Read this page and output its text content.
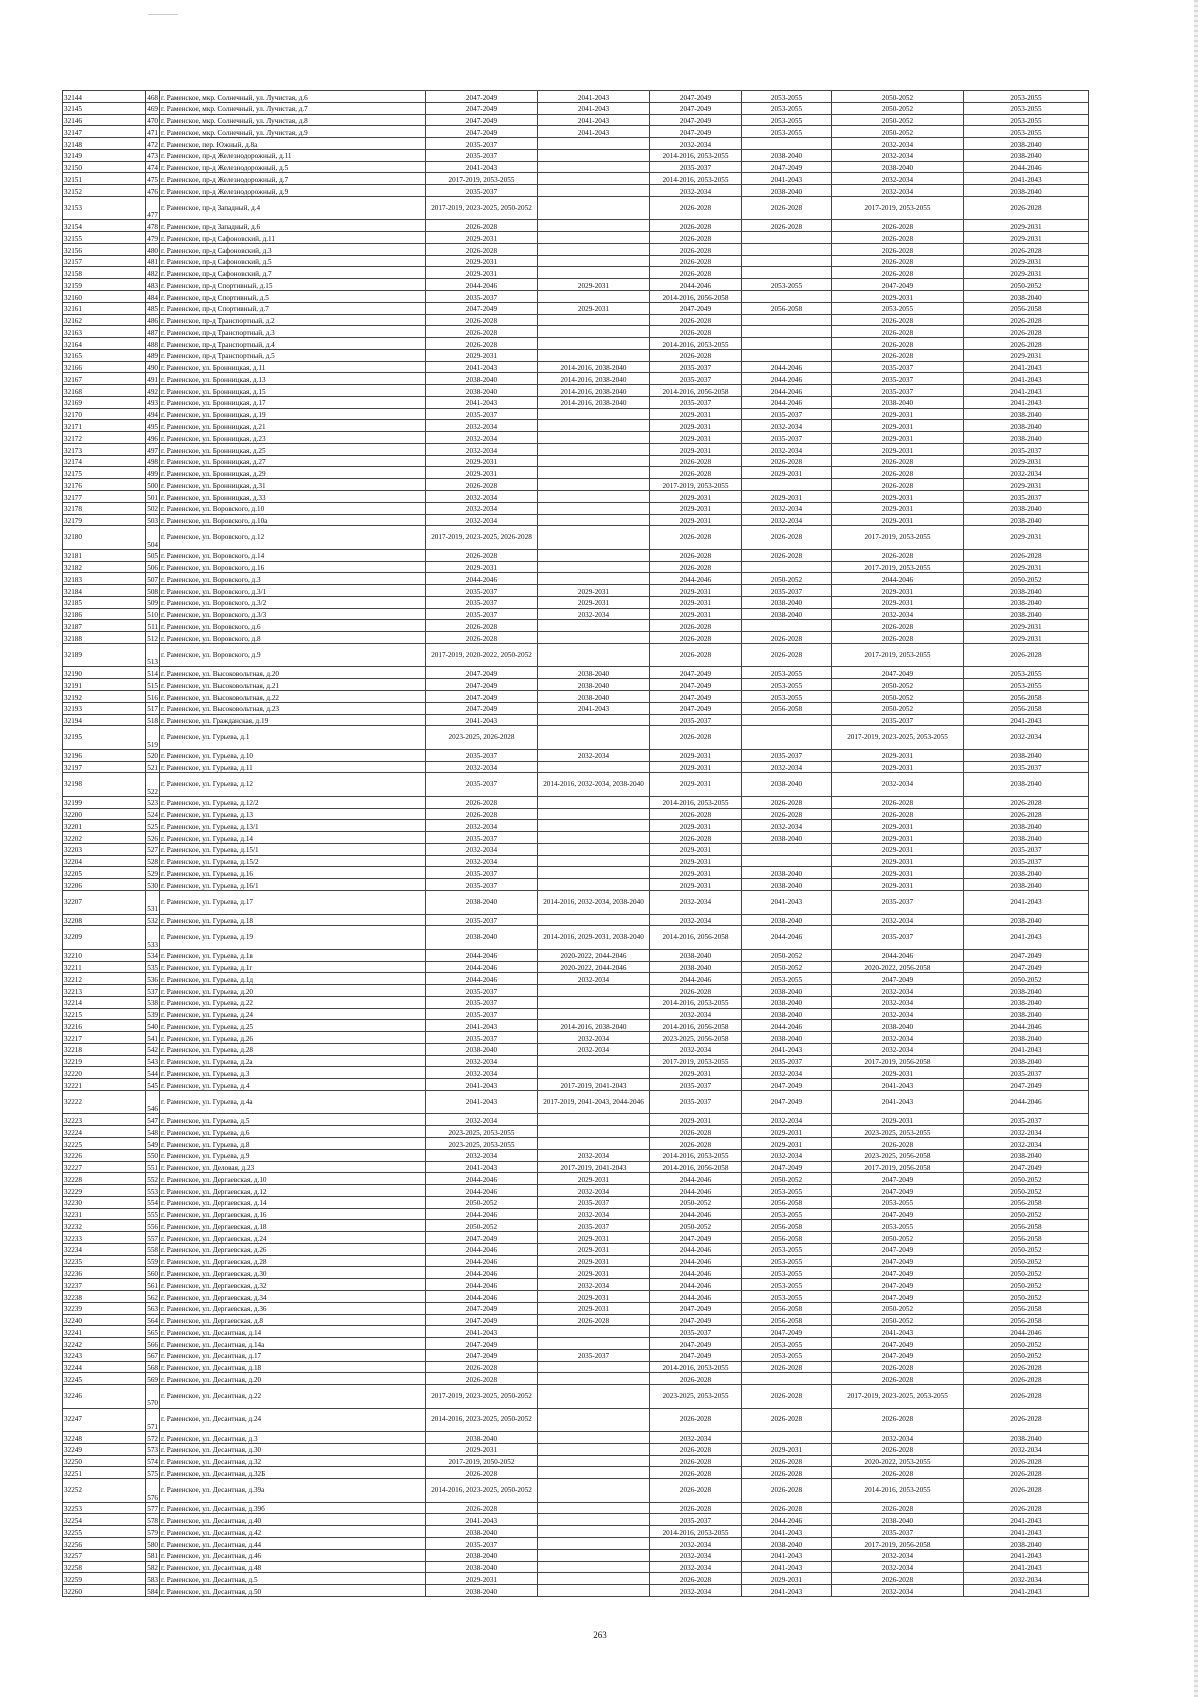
32144	468	г. Раменское, мкр. Солнечный, ул. Лучистая, д.6	2047-2049	2041-2043	2047-2049	2053-2055	2050-2052	2053-2055
32145	469	г. Раменское, мкр. Солнечный, ул. Лучистая, д.7	2047-2049	2041-2043	2047-2049	2053-2055	2050-2052	2053-2055
32146	470	г. Раменское, мкр. Солнечный, ул. Лучистая, д.8	2047-2049	2041-2043	2047-2049	2053-2055	2050-2052	2053-2055
32147	471	г. Раменское, мкр. Солнечный, ул. Лучистая, д.9	2047-2049	2041-2043	2047-2049	2053-2055	2050-2052	2053-2055
32148	472	г. Раменское, пер. Южный, д.8а	2035-2037		2032-2034		2032-2034	2038-2040
32149	473	г. Раменское, пр-д Железнодорожный, д.11	2035-2037		2014-2016, 2053-2055	2038-2040	2032-2034	2038-2040
32150	474	г. Раменское, пр-д Железнодорожный, д.5	2041-2043		2035-2037	2047-2049	2038-2040	2044-2046
32151	475	г. Раменское, пр-д Железнодорожный, д.7	2017-2019, 2053-2055		2014-2016, 2053-2055	2041-2043	2032-2034	2041-2043
32152	476	г. Раменское, пр-д Железнодорожный, д.9	2035-2037		2032-2034	2038-2040	2032-2034	2038-2040
32153	477	г. Раменское, пр-д Западный, д.4	2017-2019, 2023-2025, 2050-2052		2026-2028	2026-2028	2017-2019, 2053-2055	2026-2028
32154	478	г. Раменское, пр-д Западный, д.6	2026-2028		2026-2028	2026-2028	2026-2028	2029-2031
32155	479	г. Раменское, пр-д Сафоновский, д.11	2029-2031		2026-2028		2026-2028	2029-2031
32156	480	г. Раменское, пр-д Сафоновский, д.3	2026-2028		2026-2028		2026-2028	2026-2028
32157	481	г. Раменское, пр-д Сафоновский, д.5	2029-2031		2026-2028		2026-2028	2029-2031
32158	482	г. Раменское, пр-д Сафоновский, д.7	2029-2031		2026-2028		2026-2028	2029-2031
32159	483	г. Раменское, пр-д Спортивный, д.15	2044-2046	2029-2031	2044-2046	2053-2055	2047-2049	2050-2052
32160	484	г. Раменское, пр-д Спортивный, д.5	2035-2037		2014-2016, 2056-2058		2029-2031	2038-2040
32161	485	г. Раменское, пр-д Спортивный, д.7	2047-2049	2029-2031	2047-2049	2056-2058	2053-2055	2056-2058
32162	486	г. Раменское, пр-д Транспортный, д.2	2026-2028		2026-2028		2026-2028	2026-2028
32163	487	г. Раменское, пр-д Транспортный, д.3	2026-2028		2026-2028		2026-2028	2026-2028
32164	488	г. Раменское, пр-д Транспортный, д.4	2026-2028		2014-2016, 2053-2055		2026-2028	2026-2028
32165	489	г. Раменское, пр-д Транспортный, д.5	2029-2031		2026-2028		2026-2028	2029-2031
32166	490	г. Раменское, ул. Бронницкая, д.11	2041-2043	2014-2016, 2038-2040	2035-2037	2044-2046	2035-2037	2041-2043
32167	491	г. Раменское, ул. Бронницкая, д.13	2038-2040	2014-2016, 2038-2040	2035-2037	2044-2046	2035-2037	2041-2043
32168	492	г. Раменское, ул. Бронницкая, д.15	2038-2040	2014-2016, 2038-2040	2014-2016, 2056-2058	2044-2046	2035-2037	2041-2043
32169	493	г. Раменское, ул. Бронницкая, д.17	2041-2043	2014-2016, 2038-2040	2035-2037	2044-2046	2038-2040	2041-2043
32170	494	г. Раменское, ул. Бронницкая, д.19	2035-2037		2029-2031	2035-2037	2029-2031	2038-2040
32171	495	г. Раменское, ул. Бронницкая, д.21	2032-2034		2029-2031	2032-2034	2029-2031	2038-2040
32172	496	г. Раменское, ул. Бронницкая, д.23	2032-2034		2029-2031	2035-2037	2029-2031	2038-2040
32173	497	г. Раменское, ул. Бронницкая, д.25	2032-2034		2029-2031	2032-2034	2029-2031	2035-2037
32174	498	г. Раменское, ул. Бронницкая, д.27	2029-2031		2026-2028	2026-2028	2026-2028	2029-2031
32175	499	г. Раменское, ул. Бронницкая, д.29	2029-2031		2026-2028	2029-2031	2026-2028	2032-2034
32176	500	г. Раменское, ул. Бронницкая, д.31	2026-2028		2017-2019, 2053-2055		2026-2028	2029-2031
32177	501	г. Раменское, ул. Бронницкая, д.33	2032-2034		2029-2031	2029-2031	2029-2031	2035-2037
32178	502	г. Раменское, ул. Воровского, д.10	2032-2034		2029-2031	2032-2034	2029-2031	2038-2040
32179	503	г. Раменское, ул. Воровского, д.10а	2032-2034		2029-2031	2032-2034	2029-2031	2038-2040
32180	504	г. Раменское, ул. Воровского, д.12	2017-2019, 2023-2025, 2026-2028		2026-2028	2026-2028	2017-2019, 2053-2055	2029-2031
32181	505	г. Раменское, ул. Воровского, д.14	2026-2028		2026-2028	2026-2028	2026-2028	2026-2028
32182	506	г. Раменское, ул. Воровского, д.16	2029-2031		2026-2028		2017-2019, 2053-2055	2029-2031
32183	507	г. Раменское, ул. Воровского, д.3	2044-2046		2044-2046	2050-2052	2044-2046	2050-2052
32184	508	г. Раменское, ул. Воровского, д.3/1	2035-2037	2029-2031	2029-2031	2035-2037	2029-2031	2038-2040
32185	509	г. Раменское, ул. Воровского, д.3/2	2035-2037	2029-2031	2029-2031	2038-2040	2029-2031	2038-2040
32186	510	г. Раменское, ул. Воровского, д.3/3	2035-2037	2032-2034	2029-2031	2038-2040	2032-2034	2038-2040
32187	511	г. Раменское, ул. Воровского, д.6	2026-2028		2026-2028		2026-2028	2029-2031
32188	512	г. Раменское, ул. Воровского, д.8	2026-2028		2026-2028	2026-2028	2026-2028	2029-2031
32189	513	г. Раменское, ул. Воровского, д.9	2017-2019, 2020-2022, 2050-2052		2026-2028	2026-2028	2017-2019, 2053-2055	2026-2028
32190	514	г. Раменское, ул. Высоковольтная, д.20	2047-2049	2038-2040	2047-2049	2053-2055	2047-2049	2053-2055
32191	515	г. Раменское, ул. Высоковольтная, д.21	2047-2049	2038-2040	2047-2049	2053-2055	2050-2052	2053-2055
32192	516	г. Раменское, ул. Высоковольтная, д.22	2047-2049	2038-2040	2047-2049	2053-2055	2050-2052	2056-2058
32193	517	г. Раменское, ул. Высоковольтная, д.23	2047-2049	2041-2043	2047-2049	2056-2058	2050-2052	2056-2058
32194	518	г. Раменское, ул. Гражданская, д.19	2041-2043		2035-2037		2035-2037	2041-2043
32195	519	г. Раменское, ул. Гурьева, д.1	2023-2025, 2026-2028		2026-2028		2017-2019, 2023-2025, 2053-2055	2032-2034
32196	520	г. Раменское, ул. Гурьева, д.10	2035-2037	2032-2034	2029-2031	2035-2037	2029-2031	2038-2040
32197	521	г. Раменское, ул. Гурьева, д.11	2032-2034		2029-2031	2032-2034	2029-2031	2035-2037
32198	522	г. Раменское, ул. Гурьева, д.12	2035-2037	2014-2016, 2032-2034, 2038-2040	2029-2031	2038-2040	2032-2034	2038-2040
32199	523	г. Раменское, ул. Гурьева, д.12/2	2026-2028		2014-2016, 2053-2055	2026-2028	2026-2028	2026-2028
32200	524	г. Раменское, ул. Гурьева, д.13	2026-2028		2026-2028	2026-2028	2026-2028	2026-2028
32201	525	г. Раменское, ул. Гурьева, д.13/1	2032-2034		2029-2031	2032-2034	2029-2031	2038-2040
32202	526	г. Раменское, ул. Гурьева, д.14	2035-2037		2026-2028	2038-2040	2029-2031	2038-2040
32203	527	г. Раменское, ул. Гурьева, д.15/1	2032-2034		2029-2031		2029-2031	2035-2037
32204	528	г. Раменское, ул. Гурьева, д.15/2	2032-2034		2029-2031		2029-2031	2035-2037
32205	529	г. Раменское, ул. Гурьева, д.16	2035-2037		2029-2031	2038-2040	2029-2031	2038-2040
32206	530	г. Раменское, ул. Гурьева, д.16/1	2035-2037		2029-2031	2038-2040	2029-2031	2038-2040
32207	531	г. Раменское, ул. Гурьева, д.17	2038-2040	2014-2016, 2032-2034, 2038-2040	2032-2034	2041-2043	2035-2037	2041-2043
32208	532	г. Раменское, ул. Гурьева, д.18	2035-2037		2032-2034	2038-2040	2032-2034	2038-2040
32209	533	г. Раменское, ул. Гурьева, д.19	2038-2040	2014-2016, 2029-2031, 2038-2040	2014-2016, 2056-2058	2044-2046	2035-2037	2041-2043
32210	534	г. Раменское, ул. Гурьева, д.1в	2044-2046	2020-2022, 2044-2046	2038-2040	2050-2052	2044-2046	2047-2049
32211	535	г. Раменское, ул. Гурьева, д.1г	2044-2046	2020-2022, 2044-2046	2038-2040	2050-2052	2020-2022, 2056-2058	2047-2049
32212	536	г. Раменское, ул. Гурьева, д.1д	2044-2046	2032-2034	2044-2046	2053-2055	2047-2049	2050-2052
32213	537	г. Раменское, ул. Гурьева, д.20	2035-2037		2026-2028	2038-2040	2032-2034	2038-2040
32214	538	г. Раменское, ул. Гурьева, д.22	2035-2037		2014-2016, 2053-2055	2038-2040	2032-2034	2038-2040
32215	539	г. Раменское, ул. Гурьева, д.24	2035-2037		2032-2034	2038-2040	2032-2034	2038-2040
32216	540	г. Раменское, ул. Гурьева, д.25	2041-2043	2014-2016, 2038-2040	2014-2016, 2056-2058	2044-2046	2038-2040	2044-2046
32217	541	г. Раменское, ул. Гурьева, д.26	2035-2037	2032-2034	2023-2025, 2056-2058	2038-2040	2032-2034	2038-2040
32218	542	г. Раменское, ул. Гурьева, д.28	2038-2040	2032-2034	2032-2034	2041-2043	2032-2034	2041-2043
32219	543	г. Раменское, ул. Гурьева, д.2а	2032-2034		2017-2019, 2053-2055	2035-2037	2017-2019, 2056-2058	2038-2040
32220	544	г. Раменское, ул. Гурьева, д.3	2032-2034		2029-2031	2032-2034	2029-2031	2035-2037
32221	545	г. Раменское, ул. Гурьева, д.4	2041-2043	2017-2019, 2041-2043	2035-2037	2047-2049	2041-2043	2047-2049
32222	546	г. Раменское, ул. Гурьева, д.4а	2041-2043	2017-2019, 2041-2043, 2044-2046	2035-2037	2047-2049	2041-2043	2044-2046
32223	547	г. Раменское, ул. Гурьева, д.5	2032-2034		2029-2031	2032-2034	2029-2031	2035-2037
32224	548	г. Раменское, ул. Гурьева, д.6	2023-2025, 2053-2055		2026-2028	2029-2031	2023-2025, 2053-2055	2032-2034
32225	549	г. Раменское, ул. Гурьева, д.8	2023-2025, 2053-2055		2026-2028	2029-2031	2026-2028	2032-2034
32226	550	г. Раменское, ул. Гурьева, д.9	2032-2034	2032-2034	2014-2016, 2053-2055	2032-2034	2023-2025, 2056-2058	2038-2040
32227	551	г. Раменское, ул. Деловая, д.23	2041-2043	2017-2019, 2041-2043	2014-2016, 2056-2058	2047-2049	2017-2019, 2056-2058	2047-2049
32228	552	г. Раменское, ул. Дергаевская, д.10	2044-2046	2029-2031	2044-2046	2050-2052	2047-2049	2050-2052
32229	553	г. Раменское, ул. Дергаевская, д.12	2044-2046	2032-2034	2044-2046	2053-2055	2047-2049	2050-2052
32230	554	г. Раменское, ул. Дергаевская, д.14	2050-2052	2035-2037	2050-2052	2056-2058	2053-2055	2056-2058
32231	555	г. Раменское, ул. Дергаевская, д.16	2044-2046	2032-2034	2044-2046	2053-2055	2047-2049	2050-2052
32232	556	г. Раменское, ул. Дергаевская, д.18	2050-2052	2035-2037	2050-2052	2056-2058	2053-2055	2056-2058
32233	557	г. Раменское, ул. Дергаевская, д.24	2047-2049	2029-2031	2047-2049	2056-2058	2050-2052	2056-2058
32234	558	г. Раменское, ул. Дергаевская, д.26	2044-2046	2029-2031	2044-2046	2053-2055	2047-2049	2050-2052
32235	559	г. Раменское, ул. Дергаевская, д.28	2044-2046	2029-2031	2044-2046	2053-2055	2047-2049	2050-2052
32236	560	г. Раменское, ул. Дергаевская, д.30	2044-2046	2029-2031	2044-2046	2053-2055	2047-2049	2050-2052
32237	561	г. Раменское, ул. Дергаевская, д.32	2044-2046	2032-2034	2044-2046	2053-2055	2047-2049	2050-2052
32238	562	г. Раменское, ул. Дергаевская, д.34	2044-2046	2029-2031	2044-2046	2053-2055	2047-2049	2050-2052
32239	563	г. Раменское, ул. Дергаевская, д.36	2047-2049	2029-2031	2047-2049	2056-2058	2050-2052	2056-2058
32240	564	г. Раменское, ул. Дергаевская, д.8	2047-2049	2026-2028	2047-2049	2056-2058	2050-2052	2056-2058
32241	565	г. Раменское, ул. Десантная, д.14	2041-2043		2035-2037	2047-2049	2041-2043	2044-2046
32242	566	г. Раменское, ул. Десантная, д.14а	2047-2049		2047-2049	2053-2055	2047-2049	2050-2052
32243	567	г. Раменское, ул. Десантная, д.17	2047-2049	2035-2037	2047-2049	2053-2055	2047-2049	2050-2052
32244	568	г. Раменское, ул. Десантная, д.18	2026-2028		2014-2016, 2053-2055	2026-2028	2026-2028	2026-2028
32245	569	г. Раменское, ул. Десантная, д.20	2026-2028		2026-2028		2026-2028	2026-2028
32246	570	г. Раменское, ул. Десантная, д.22	2017-2019, 2023-2025, 2050-2052		2023-2025, 2053-2055	2026-2028	2017-2019, 2023-2025, 2053-2055	2026-2028
32247	571	г. Раменское, ул. Десантная, д.24	2014-2016, 2023-2025, 2050-2052		2026-2028	2026-2028	2026-2028	2026-2028
32248	572	г. Раменское, ул. Десантная, д.3	2038-2040		2032-2034		2032-2034	2038-2040
32249	573	г. Раменское, ул. Десантная, д.30	2029-2031		2026-2028	2029-2031	2026-2028	2032-2034
32250	574	г. Раменское, ул. Десантная, д.32	2017-2019, 2050-2052		2026-2028	2026-2028	2020-2022, 2053-2055	2026-2028
32251	575	г. Раменское, ул. Десантная, д.32Б	2026-2028		2026-2028	2026-2028	2026-2028	2026-2028
32252	576	г. Раменское, ул. Десантная, д.39а	2014-2016, 2023-2025, 2050-2052		2026-2028	2026-2028	2014-2016, 2053-2055	2026-2028
32253	577	г. Раменское, ул. Десантная, д.39б	2026-2028		2026-2028	2026-2028	2026-2028	2026-2028
32254	578	г. Раменское, ул. Десантная, д.40	2041-2043		2035-2037	2044-2046	2038-2040	2041-2043
32255	579	г. Раменское, ул. Десантная, д.42	2038-2040		2014-2016, 2053-2055	2041-2043	2035-2037	2041-2043
32256	580	г. Раменское, ул. Десантная, д.44	2035-2037		2032-2034	2038-2040	2017-2019, 2056-2058	2038-2040
32257	581	г. Раменское, ул. Десантная, д.46	2038-2040		2032-2034	2041-2043	2032-2034	2041-2043
32258	582	г. Раменское, ул. Десантная, д.48	2038-2040		2032-2034	2041-2043	2032-2034	2041-2043
32259	583	г. Раменское, ул. Десантная, д.5	2029-2031		2026-2028	2029-2031	2026-2028	2032-2034
32260	584	г. Раменское, ул. Десантная, д.50	2038-2040		2032-2034	2041-2043	2032-2034	2041-2043
263
